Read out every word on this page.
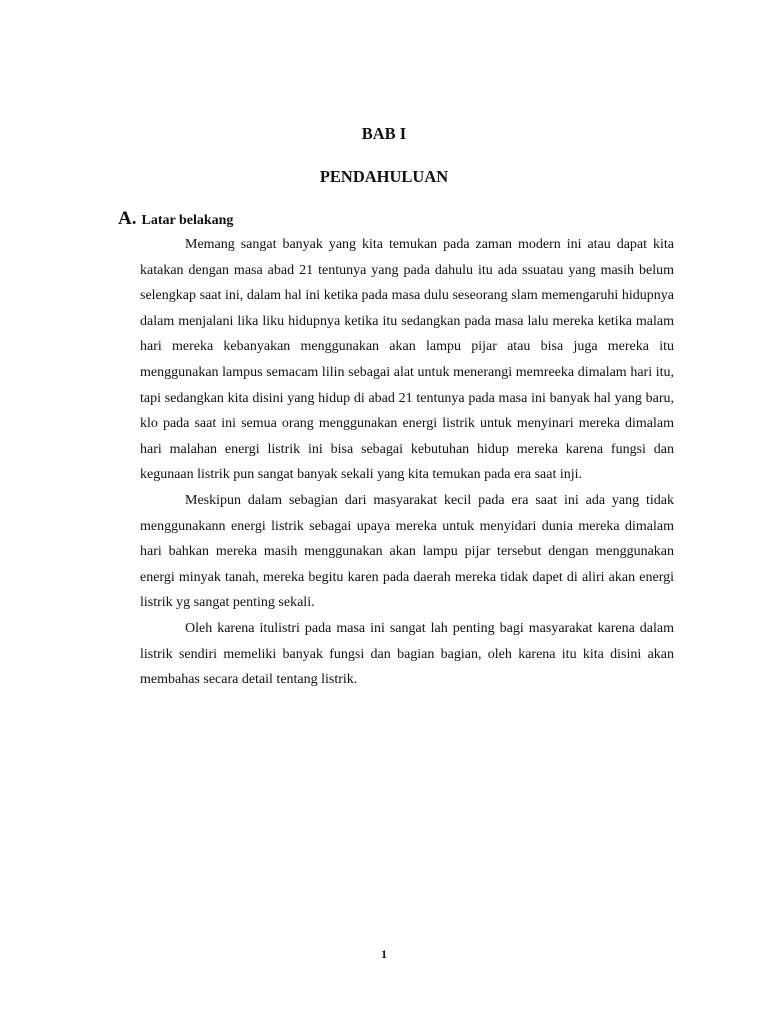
BAB I
PENDAHULUAN
A. Latar belakang

Memang sangat banyak yang kita temukan pada zaman modern ini atau dapat kita katakan dengan masa abad 21 tentunya yang pada dahulu itu ada ssuatau yang masih belum selengkap saat ini, dalam hal ini ketika pada masa dulu seseorang slam memengaruhi hidupnya dalam menjalani lika liku hidupnya ketika itu sedangkan pada masa lalu mereka ketika malam hari mereka kebanyakan menggunakan akan lampu pijar atau bisa juga mereka itu menggunakan lampus semacam lilin sebagai alat untuk menerangi memreeka dimalam hari itu, tapi sedangkan kita disini yang hidup di abad 21 tentunya pada masa ini banyak hal yang baru, klo pada saat ini semua orang menggunakan energi listrik untuk menyinari mereka dimalam hari malahan energi listrik ini bisa sebagai kebutuhan hidup mereka karena fungsi dan kegunaan listrik pun sangat banyak sekali yang kita temukan pada era saat inji.

Meskipun dalam sebagian dari masyarakat kecil pada era saat ini ada yang tidak menggunakann energi listrik sebagai upaya mereka untuk menyidari dunia mereka dimalam hari bahkan mereka masih menggunakan akan lampu pijar tersebut dengan menggunakan energi minyak tanah, mereka begitu karen pada daerah mereka tidak dapet di aliri akan energi listrik yg sangat penting sekali.

Oleh karena itulistri pada masa ini sangat lah penting bagi masyarakat karena dalam listrik sendiri memeliki banyak fungsi dan bagian bagian, oleh karena itu kita disini akan membahas secara detail tentang listrik.

1
